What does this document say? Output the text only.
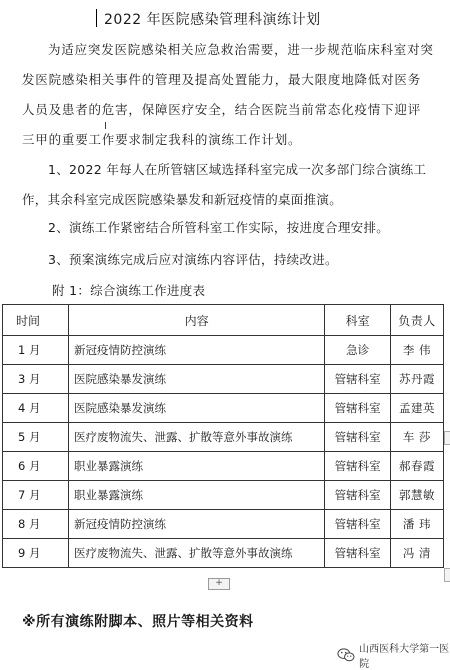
2022 年医院感染管理科演练计划
为适应突发医院感染相关应急救治需要，进一步规范临床科室对突发医院感染相关事件的管理及提高处置能力，最大限度地降低对医务人员及患者的危害，保障医疗安全，结合医院当前常态化疫情下迎评三甲的重要工作要求制定我科的演练工作计划。
I
1、2022 年每人在所管辖区域选择科室完成一次多部门综合演练工作，其余科室完成医院感染暴发和新冠疫情的桌面推演。
2、演练工作紧密结合所管科室工作实际，按进度合理安排。
3、预案演练完成后应对演练内容评估，持续改进。
附 1：综合演练工作进度表
时间	内容	科室	负责人
1 月	新冠疫情防控演练	急诊	李 伟
3 月	医院感染暴发演练	管辖科室	苏丹霞
4 月	医院感染暴发演练	管辖科室	孟建英
5 月	医疗废物流失、泄露、扩散等意外事故演练	管辖科室	车 莎
6 月	职业暴露演练	管辖科室	郝春霞
7 月	职业暴露演练	管辖科室	郭慧敏
8 月	新冠疫情防控演练	管辖科室	潘 玮
9 月	医疗废物流失、泄露、扩散等意外事故演练	管辖科室	冯 清
+
※所有演练附脚本、照片等相关资料
山西医科大学第一医院
